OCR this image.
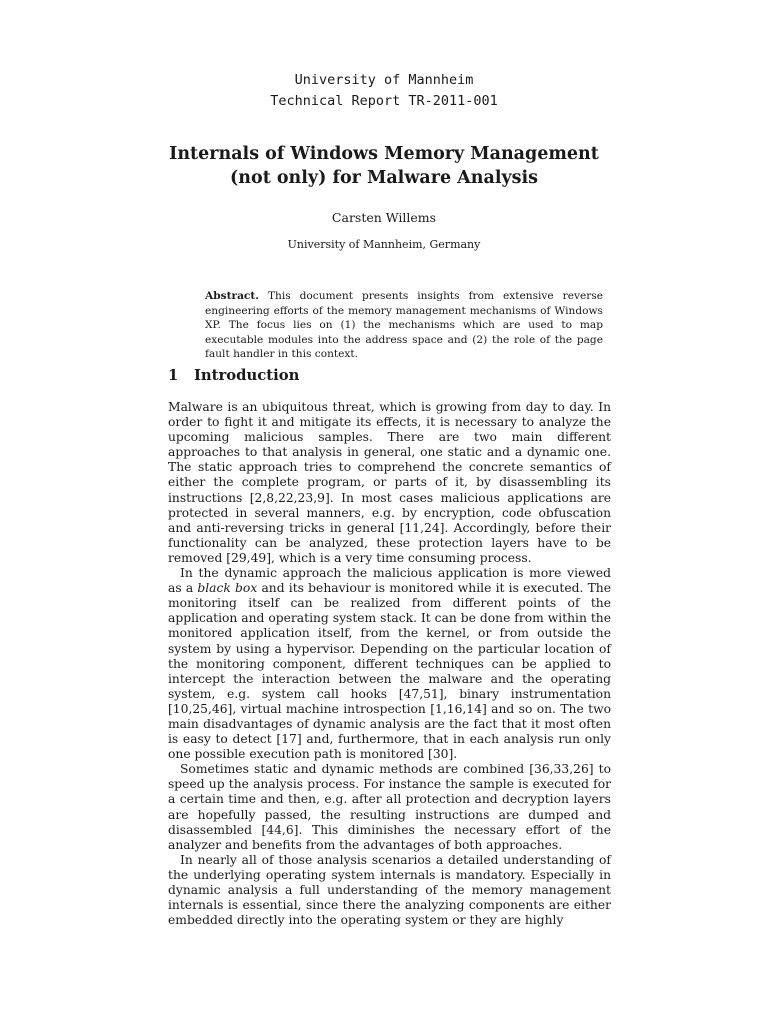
University of Mannheim
Technical Report TR-2011-001
Internals of Windows Memory Management
(not only) for Malware Analysis
Carsten Willems
University of Mannheim, Germany
Abstract. This document presents insights from extensive reverse engineering efforts of the memory management mechanisms of Windows XP. The focus lies on (1) the mechanisms which are used to map executable modules into the address space and (2) the role of the page fault handler in this context.
1 Introduction

Malware is an ubiquitous threat, which is growing from day to day. In order to fight it and mitigate its effects, it is necessary to analyze the upcoming malicious samples. There are two main different approaches to that analysis in general, one static and a dynamic one. The static approach tries to comprehend the concrete semantics of either the complete program, or parts of it, by disassembling its instructions [2,8,22,23,9]. In most cases malicious applications are protected in several manners, e.g. by encryption, code obfuscation and anti-reversing tricks in general [11,24]. Accordingly, before their functionality can be analyzed, these protection layers have to be removed [29,49], which is a very time consuming process.

In the dynamic approach the malicious application is more viewed as a black box and its behaviour is monitored while it is executed. The monitoring itself can be realized from different points of the application and operating system stack. It can be done from within the monitored application itself, from the kernel, or from outside the system by using a hypervisor. Depending on the particular location of the monitoring component, different techniques can be applied to intercept the interaction between the malware and the operating system, e.g. system call hooks [47,51], binary instrumentation [10,25,46], virtual machine introspection [1,16,14] and so on. The two main disadvantages of dynamic analysis are the fact that it most often is easy to detect [17] and, furthermore, that in each analysis run only one possible execution path is monitored [30].

Sometimes static and dynamic methods are combined [36,33,26] to speed up the analysis process. For instance the sample is executed for a certain time and then, e.g. after all protection and decryption layers are hopefully passed, the resulting instructions are dumped and disassembled [44,6]. This diminishes the necessary effort of the analyzer and benefits from the advantages of both approaches.

In nearly all of those analysis scenarios a detailed understanding of the underlying operating system internals is mandatory. Especially in dynamic analysis a full understanding of the memory management internals is essential, since there the analyzing components are either embedded directly into the operating system or they are highly
